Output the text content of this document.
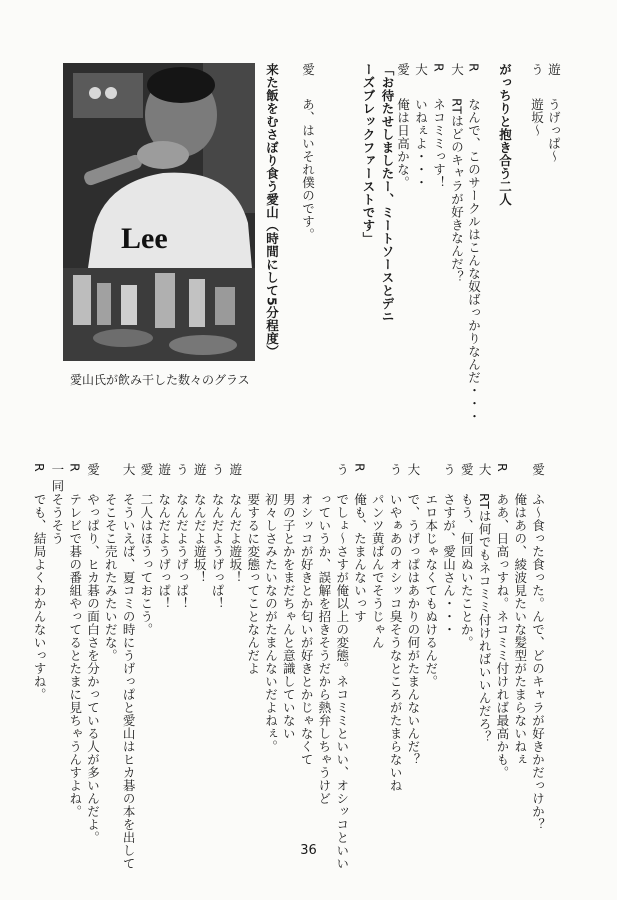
遊
うげっぱ～
う
遊坂～
がっちりと抱き合う二人
R
なんで、このサークルはこんな奴ばっかりなんだ・・・
大
RTはどのキャラが好きなんだ？
R
ネコミミっす！
大
いねぇよ・・・
愛
俺は日高かな。
「お待たせしましたー、ミートソースとデニーズブレックファーストです」
愛
あ、はいそれ僕のです。
来た飯をむさぼり食う愛山（時間にして5分程度）
Lee
愛山氏が飲み干した数々のグラス
愛
ふ～食った食った。んで、どのキャラが好きかだっけか？
俺はあの、綾波見たいな髪型がたまらないねぇ
R
ああ、日高っすね。ネコミミ付ければ最高かも。
大
RTは何でもネコミミ付ければいいんだろ？
愛
もう、何回ぬいたことか。
う
さすが、愛山さん・・・
エロ本じゃなくてもぬけるんだ。
大
で、うげっぱはあかりの何がたまんないんだ？
う
いやぁあのオシッコ臭そうなところがたまらないね
パンツ黄ばんでそうじゃん
R
俺も、たまんないっす
う
でしょ～さすが俺以上の変態。ネコミミといい、オシッコといい
っていうか、誤解を招きそうだから熱弁しちゃうけど
オシッコが好きとか匂いが好きとかじゃなくて
男の子とかをまだちゃんと意識していない
初々しさみたいなのがたまんないだよねぇ。
要するに変態ってことなんだよ
遊
なんだよ遊坂！
う
なんだようげっぱ！
遊
なんだよ遊坂！
う
なんだようげっぱ！
遊
なんだようげっぱ！
愛
二人はほうっておこう。
大
そういえば、夏コミの時にうげっぱと愛山はヒカ碁の本を出して
そこそこ売れたみたいだな。
愛
やっぱり、ヒカ碁の面白さを分かっている人が多いんだよ。
R
テレビで碁の番組やってるとたまに見ちゃうんすよね。
一同
そうそう
R
でも、結局よくわかんないっすね。
36
